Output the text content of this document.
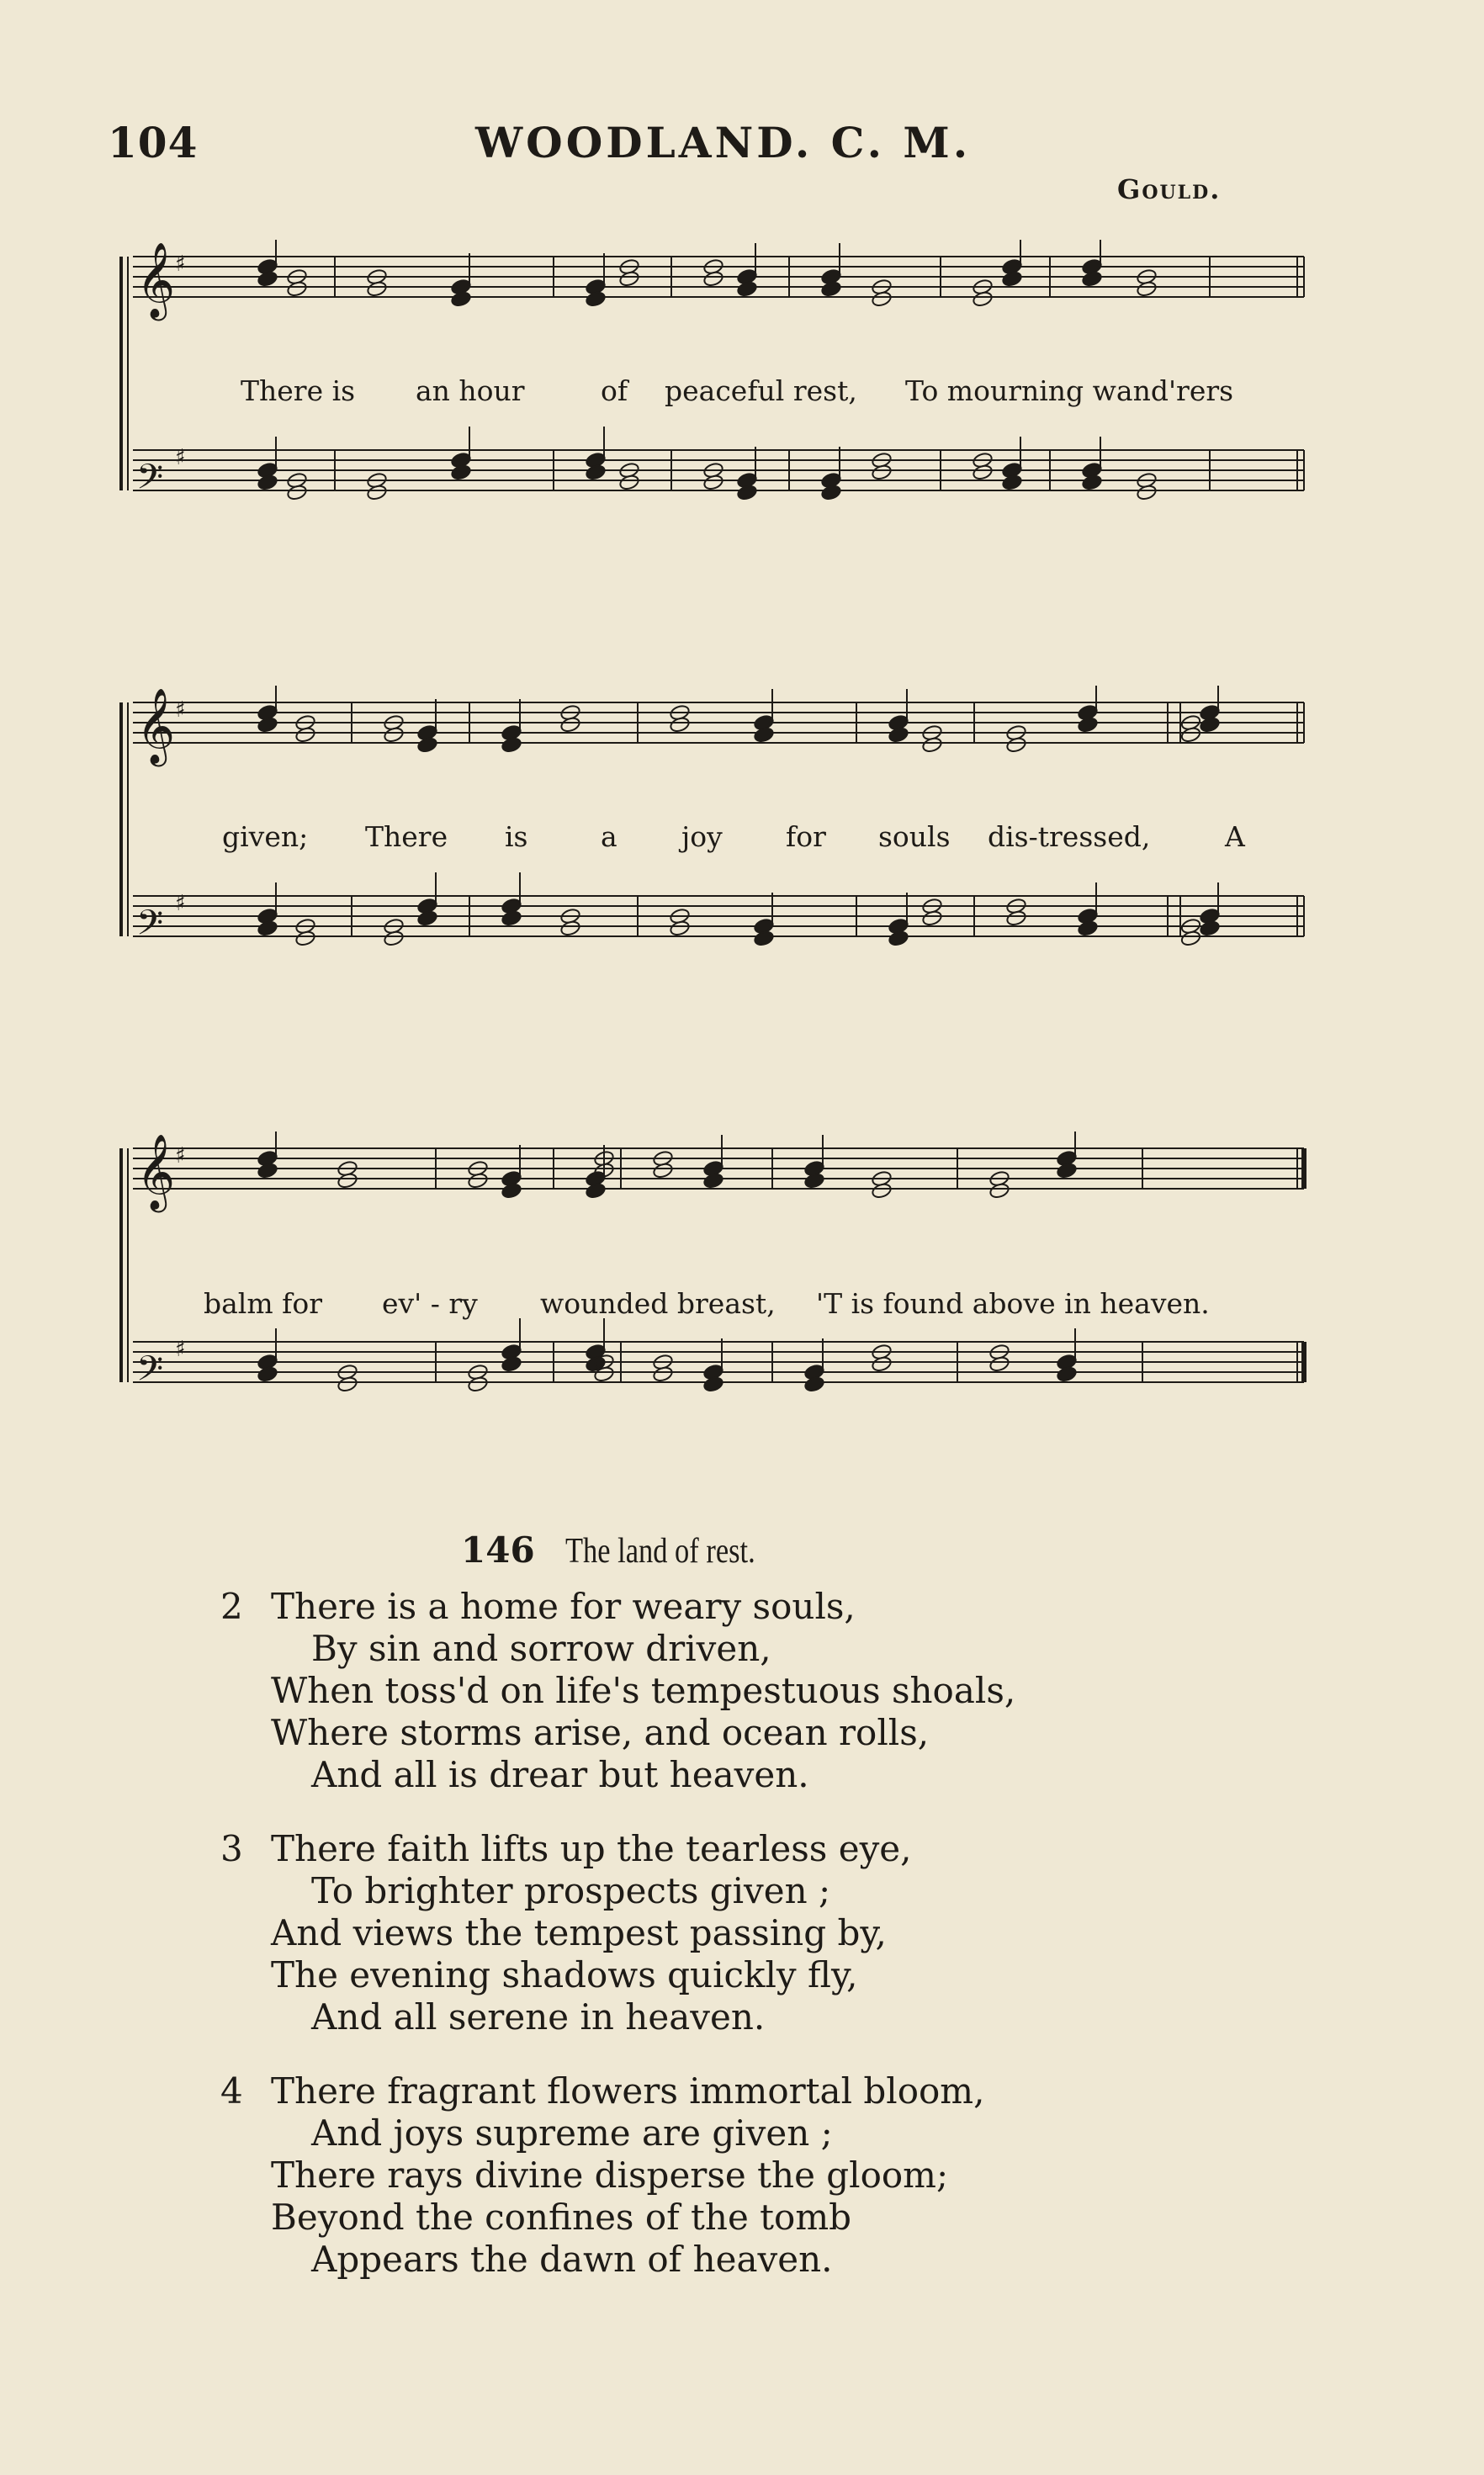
104	WOODLAND. C. M.
Gould.
𝄞 ♯
𝄢 ♯
There is an hour	of peaceful rest, To mourning wand'rers
𝄞 ♯
𝄢 ♯
given; There is	a joy for souls dis-tressed,	A
𝄞 ♯
𝄢 ♯
balm for ev' - ry wounded breast, 'T is found above in heaven.
146 The land of rest.
2 There is a home for weary souls,
By sin and sorrow driven,
When toss'd on life's tempestuous shoals,
Where storms arise, and ocean rolls,
And all is drear but heaven.
3 There faith lifts up the tearless eye,
To brighter prospects given ;
And views the tempest passing by,
The evening shadows quickly fly,
And all serene in heaven.
4 There fragrant flowers immortal bloom,
And joys supreme are given ;
There rays divine disperse the gloom;
Beyond the confines of the tomb
Appears the dawn of heaven.
